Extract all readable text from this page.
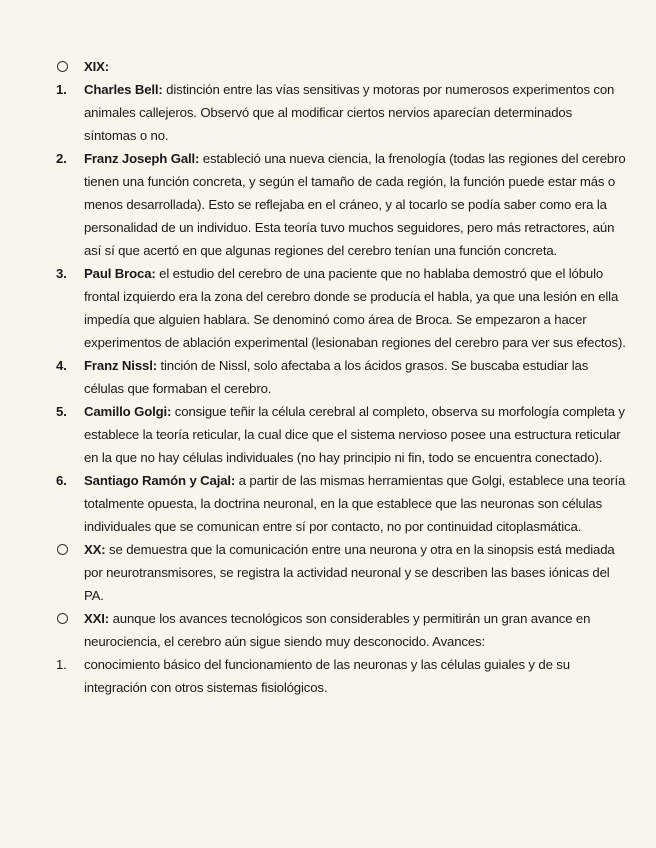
XIX:
1.	Charles Bell: distinción entre las vías sensitivas y motoras por numerosos experimentos con animales callejeros. Observó que al modificar ciertos nervios aparecían determinados síntomas o no.
2.	Franz Joseph Gall: estableció una nueva ciencia, la frenología (todas las regiones del cerebro tienen una función concreta, y según el tamaño de cada región, la función puede estar más o menos desarrollada). Esto se reflejaba en el cráneo, y al tocarlo se podía saber como era la personalidad de un individuo. Esta teoría tuvo muchos seguidores, pero más retractores, aún así sí que acertó en que algunas regiones del cerebro tenían una función concreta.
3.	Paul Broca: el estudio del cerebro de una paciente que no hablaba demostró que el lóbulo frontal izquierdo era la zona del cerebro donde se producía el habla, ya que una lesión en ella impedía que alguien hablara. Se denominó como área de Broca. Se empezaron a hacer experimentos de ablación experimental (lesionaban regiones del cerebro para ver sus efectos).
4.	Franz Nissl: tinción de Nissl, solo afectaba a los ácidos grasos. Se buscaba estudiar las células que formaban el cerebro.
5.	Camillo Golgi: consigue teñir la célula cerebral al completo, observa su morfología completa y establece la teoría reticular, la cual dice que el sistema nervioso posee una estructura reticular en la que no hay células individuales (no hay principio ni fin, todo se encuentra conectado).
6.	Santiago Ramón y Cajal: a partir de las mismas herramientas que Golgi, establece una teoría totalmente opuesta, la doctrina neuronal, en la que establece que las neuronas son células individuales que se comunican entre sí por contacto, no por continuidad citoplasmática.
XX: se demuestra que la comunicación entre una neurona y otra en la sinopsis está mediada por neurotransmisores, se registra la actividad neuronal y se describen las bases iónicas del PA.
XXI: aunque los avances tecnológicos son considerables y permitirán un gran avance en neurociencia, el cerebro aún sigue siendo muy desconocido. Avances:
1.	conocimiento básico del funcionamiento de las neuronas y las células guiales y de su integración con otros sistemas fisiológicos.
